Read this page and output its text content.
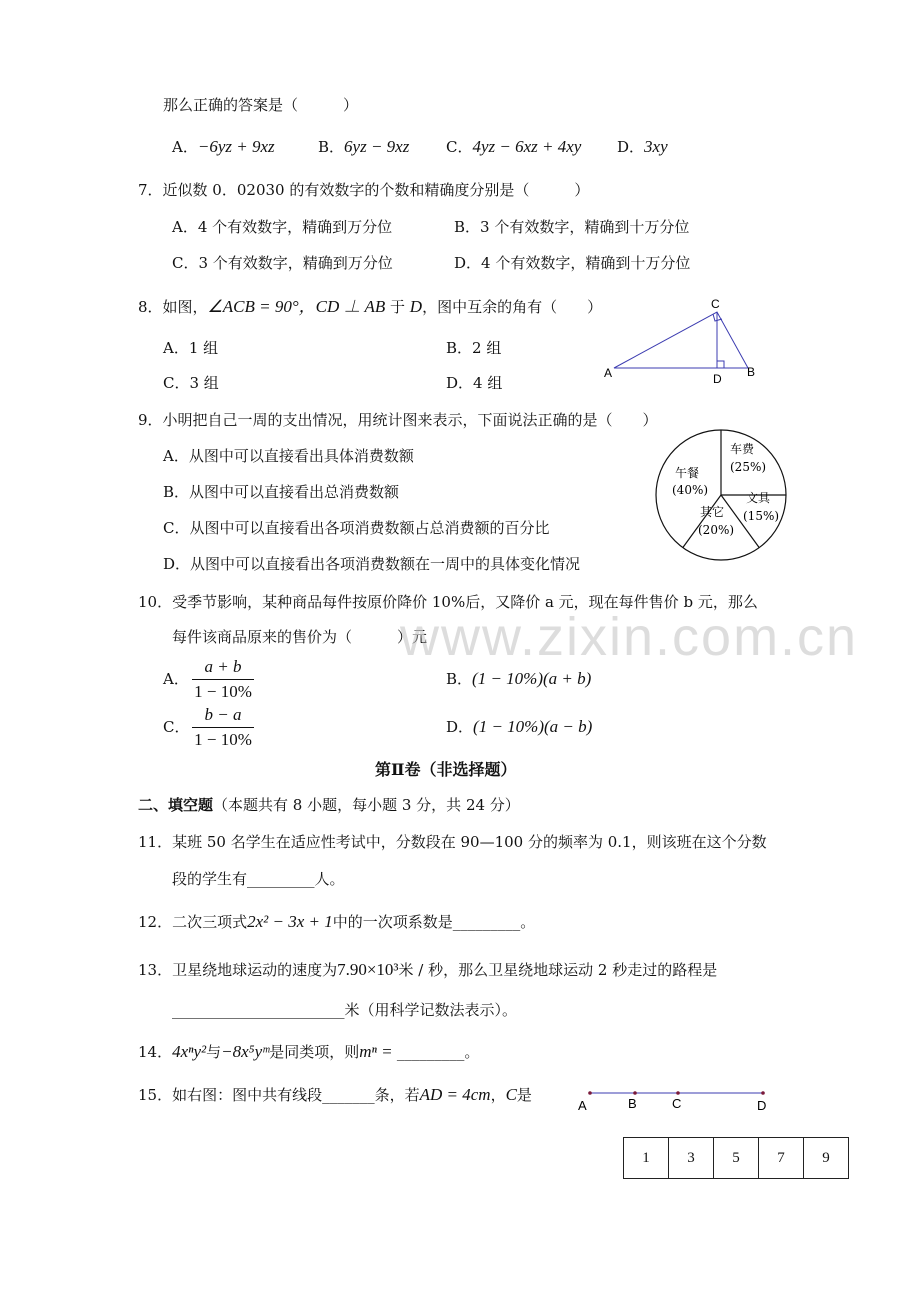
那么正确的答案是（　　　）
A．−6yz + 9xz	B．6yz − 9xz C．4yz − 6xz + 4xy D．3xy
7．近似数 0．02030 的有效数字的个数和精确度分别是（　　　）
A．4 个有效数字，精确到万分位	B．3 个有效数字，精确到十万分位
C．3 个有效数字，精确到万分位	D．4 个有效数字，精确到十万分位
8．如图，∠ACB = 90°，CD ⊥ AB 于 D，图中互余的角有（　　）
A．1 组	B．2 组
C．3 组	D．4 组
A	B
C
D
9．小明把自己一周的支出情况，用统计图来表示，下面说法正确的是（　　）
A．从图中可以直接看出具体消费数额
B．从图中可以直接看出总消费数额
C．从图中可以直接看出各项消费数额占总消费额的百分比
D．从图中可以直接看出各项消费数额在一周中的具体变化情况
午餐
(40%)
车费
(25%)
文具
(15%)
其它
(20%)
10．受季节影响，某种商品每件按原价降价 10%后，又降价 a 元，现在每件售价 b 元，那么
每件该商品原来的售价为（　　　）元
www.zixin.com.cn
A．
a + b
1 − 10%
B．(1 − 10%)(a + b)
C．
b − a
1 − 10%
D．(1 − 10%)(a − b)
第Ⅱ卷（非选择题）
二、填空题（本题共有 8 小题，每小题 3 分，共 24 分）
11．某班 50 名学生在适应性考试中，分数段在 90—100 分的频率为 0.1，则该班在这个分数
段的学生有_________人。
12．二次三项式2x² − 3x + 1中的一次项系数是_________。
13．卫星绕地球运动的速度为7.90×10³米 / 秒，那么卫星绕地球运动 2 秒走过的路程是
_______________________米（用科学记数法表示）。
14．4xⁿy²与−8x⁵yᵐ是同类项，则mⁿ = _________。
15．如右图：图中共有线段_______条，若AD = 4cm，C是
A	B	C	D
1	3	5	7	9
